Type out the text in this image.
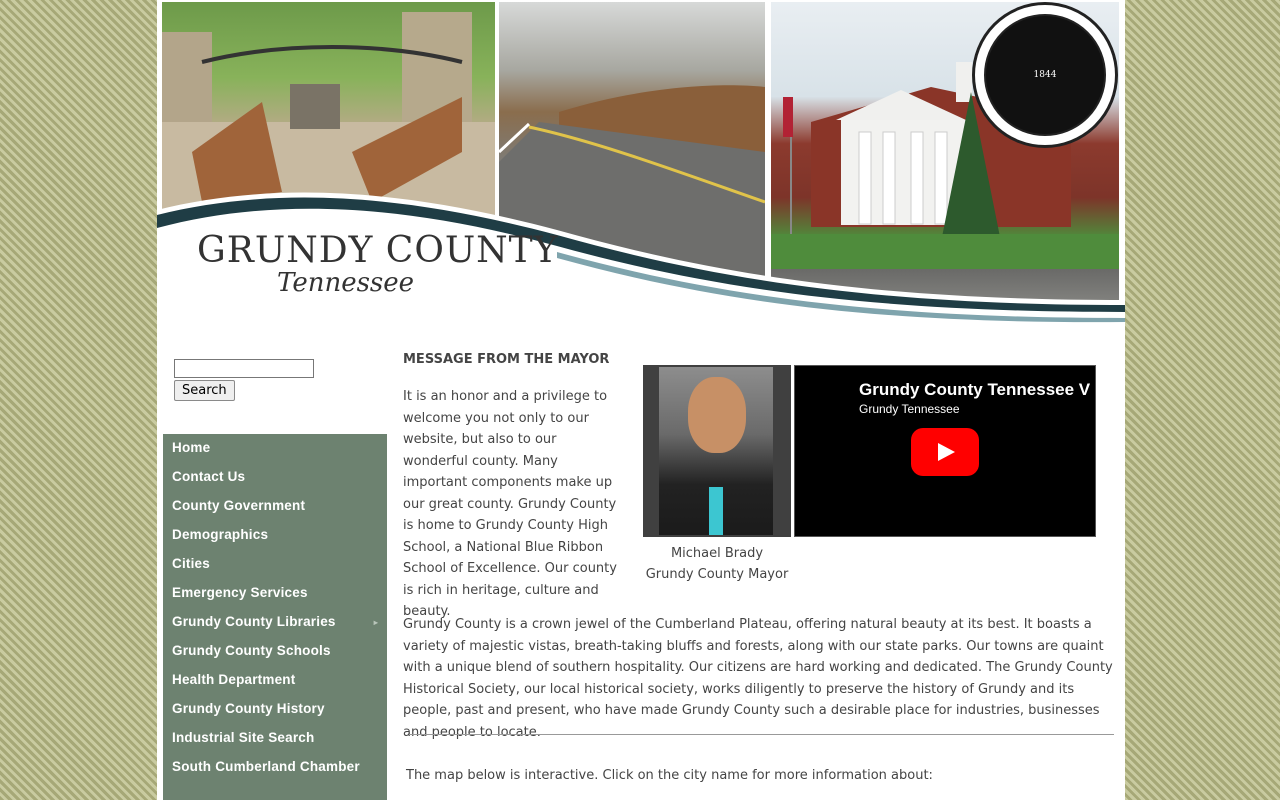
GRUNDY COUNTY
Tennessee
1844
Search
Home
Contact Us
County Government
Demographics
Cities
Emergency Services
Grundy County Libraries	▸
Grundy County Schools
Health Department
Grundy County History
Industrial Site Search
South Cumberland Chamber
MESSAGE FROM THE MAYOR
It is an honor and a privilege to welcome you not only to our website, but also to our wonderful county. Many important components make up our great county. Grundy County is home to Grundy County High School, a National Blue Ribbon School of Excellence. Our county is rich in heritage, culture and beauty.
Michael Brady
Grundy County Mayor
Grundy County Tennessee V
Grundy Tennessee
Grundy County is a crown jewel of the Cumberland Plateau, offering natural beauty at its best. It boasts a variety of majestic vistas, breath-taking bluffs and forests, along with our state parks. Our towns are quaint with a unique blend of southern hospitality. Our citizens are hard working and dedicated. The Grundy County Historical Society, our local historical society, works diligently to preserve the history of Grundy and its people, past and present, who have made Grundy County such a desirable place for industries, businesses and people to locate.
The map below is interactive. Click on the city name for more information about:
